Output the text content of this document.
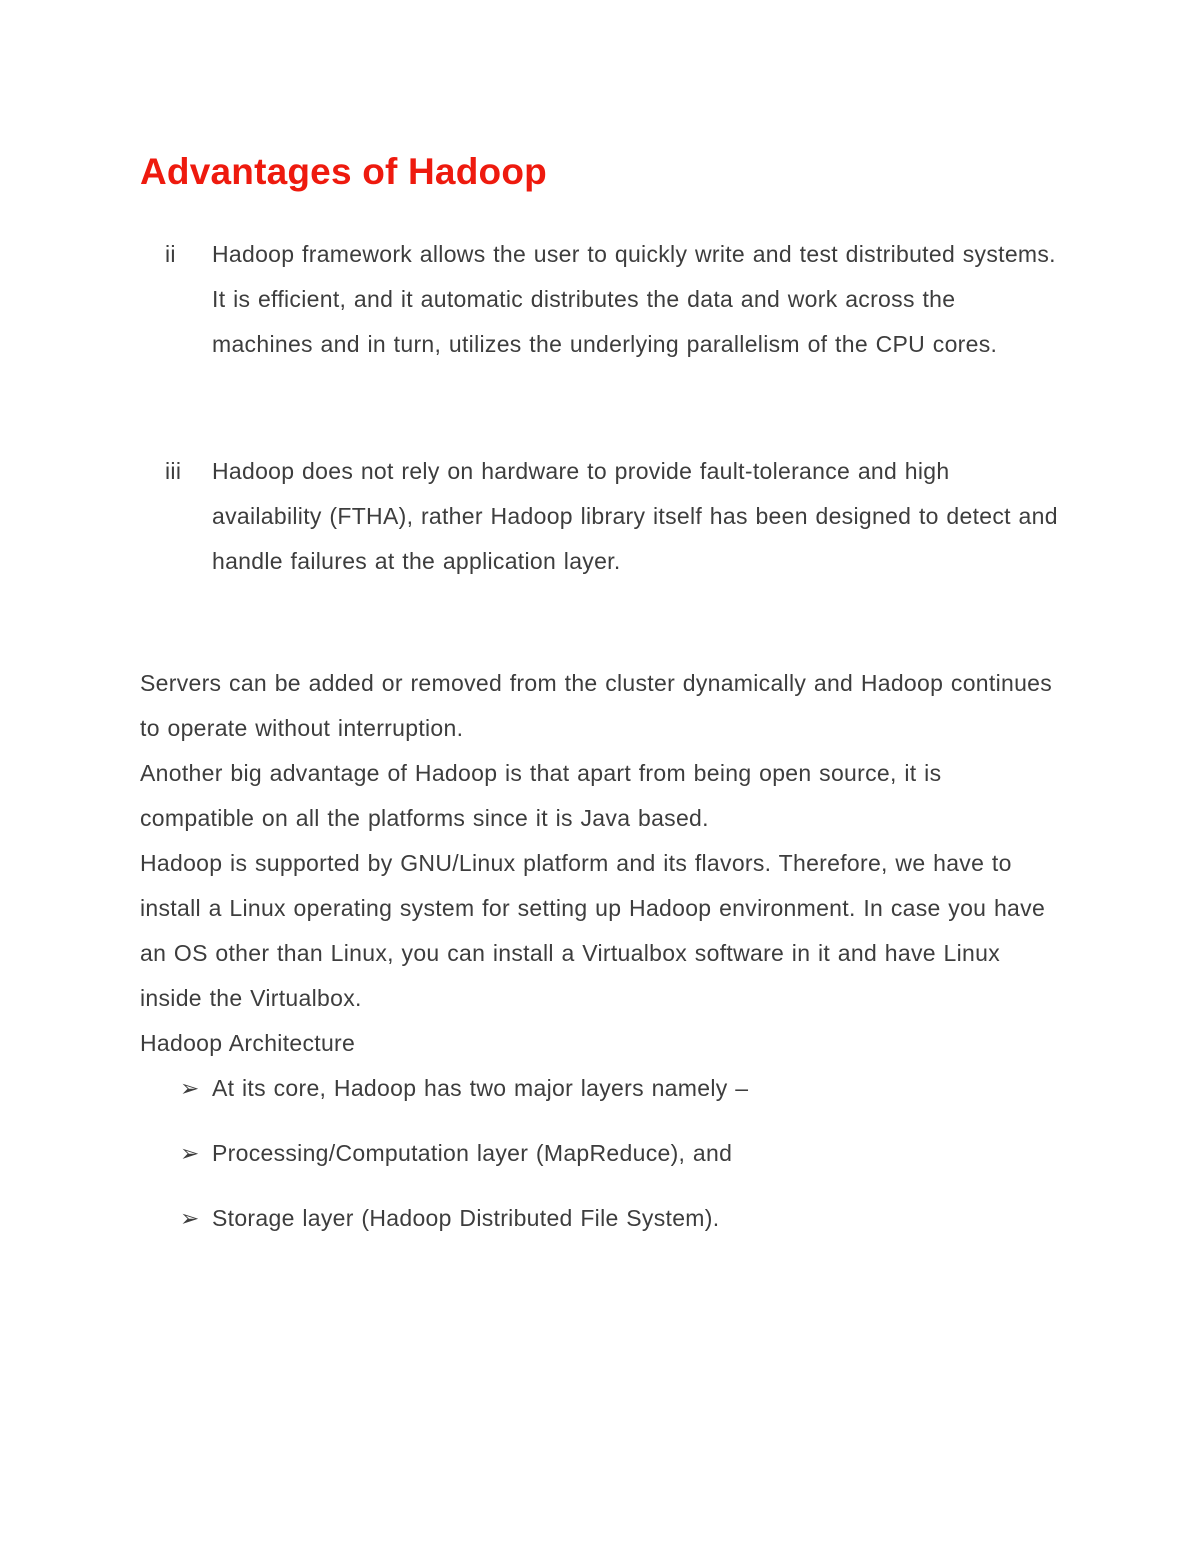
Advantages of Hadoop
ii	Hadoop framework allows the user to quickly write and test distributed systems. It is efficient, and it automatic distributes the data and work across the machines and in turn, utilizes the underlying parallelism of the CPU cores.
iii	Hadoop does not rely on hardware to provide fault-tolerance and high availability (FTHA), rather Hadoop library itself has been designed to detect and handle failures at the application layer.

Servers can be added or removed from the cluster dynamically and Hadoop continues to operate without interruption.

Another big advantage of Hadoop is that apart from being open source, it is compatible on all the platforms since it is Java based.

Hadoop is supported by GNU/Linux platform and its flavors. Therefore, we have to install a Linux operating system for setting up Hadoop environment. In case you have an OS other than Linux, you can install a Virtualbox software in it and have Linux inside the Virtualbox.

Hadoop Architecture

➢ At its core, Hadoop has two major layers namely –
➢ Processing/Computation layer (MapReduce), and
➢ Storage layer (Hadoop Distributed File System).
